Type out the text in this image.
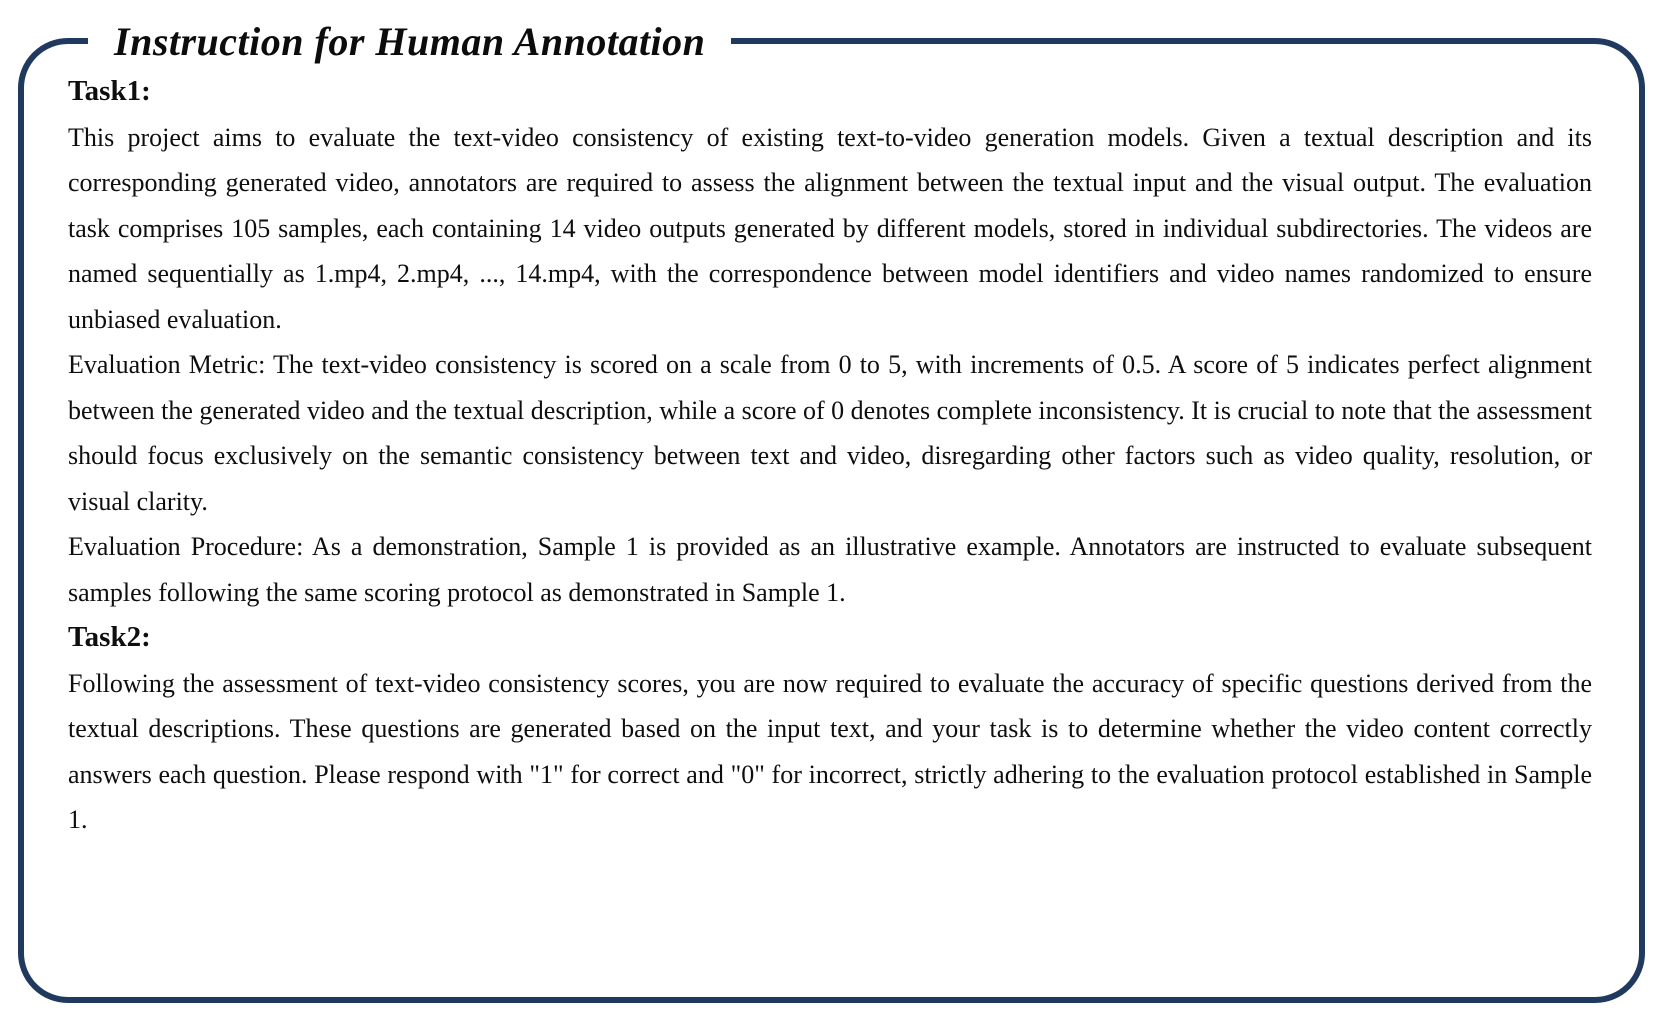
Instruction for Human Annotation
Task1:

This project aims to evaluate the text-video consistency of existing text-to-video generation models. Given a textual description and its corresponding generated video, annotators are required to assess the alignment between the textual input and the visual output. The evaluation task comprises 105 samples, each containing 14 video outputs generated by different models, stored in individual subdirectories. The videos are named sequentially as 1.mp4, 2.mp4, ..., 14.mp4, with the correspondence between model identifiers and video names randomized to ensure unbiased evaluation.

Evaluation Metric: The text-video consistency is scored on a scale from 0 to 5, with increments of 0.5. A score of 5 indicates perfect alignment between the generated video and the textual description, while a score of 0 denotes complete inconsistency. It is crucial to note that the assessment should focus exclusively on the semantic consistency between text and video, disregarding other factors such as video quality, resolution, or visual clarity.

Evaluation Procedure: As a demonstration, Sample 1 is provided as an illustrative example. Annotators are instructed to evaluate subsequent samples following the same scoring protocol as demonstrated in Sample 1.

Task2:

Following the assessment of text-video consistency scores, you are now required to evaluate the accuracy of specific questions derived from the textual descriptions. These questions are generated based on the input text, and your task is to determine whether the video content correctly answers each question. Please respond with "1" for correct and "0" for incorrect, strictly adhering to the evaluation protocol established in Sample 1.
